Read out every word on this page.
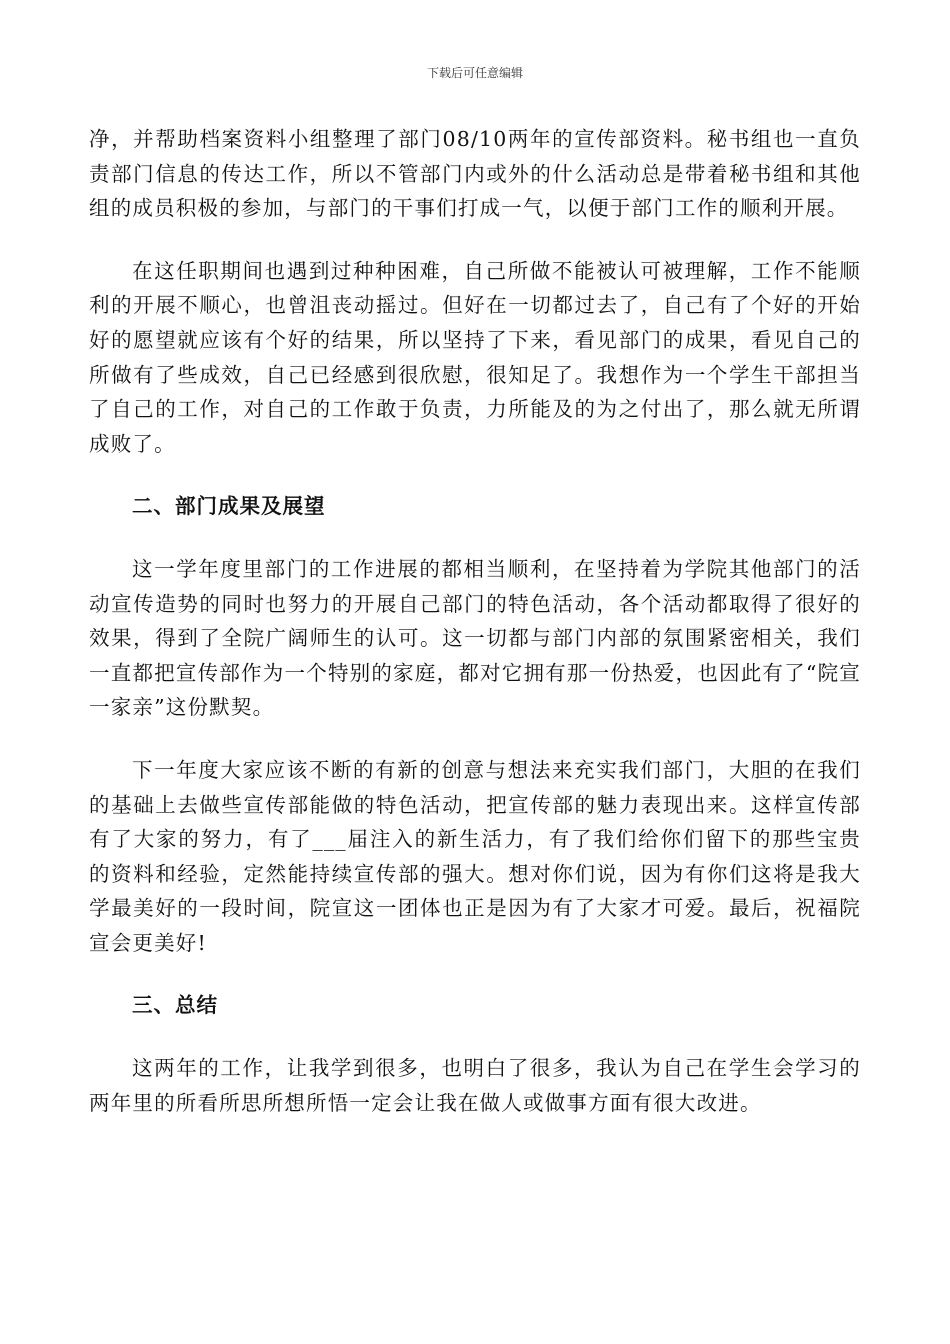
下载后可任意编辑

净，并帮助档案资料小组整理了部门08/10两年的宣传部资料。秘书组也一直负责部门信息的传达工作，所以不管部门内或外的什么活动总是带着秘书组和其他组的成员积极的参加，与部门的干事们打成一气，以便于部门工作的顺利开展。

在这任职期间也遇到过种种困难，自己所做不能被认可被理解，工作不能顺利的开展不顺心，也曾沮丧动摇过。但好在一切都过去了，自己有了个好的开始好的愿望就应该有个好的结果，所以坚持了下来，看见部门的成果，看见自己的所做有了些成效，自己已经感到很欣慰，很知足了。我想作为一个学生干部担当了自己的工作，对自己的工作敢于负责，力所能及的为之付出了，那么就无所谓成败了。

二、部门成果及展望

这一学年度里部门的工作进展的都相当顺利，在坚持着为学院其他部门的活动宣传造势的同时也努力的开展自己部门的特色活动，各个活动都取得了很好的效果，得到了全院广阔师生的认可。这一切都与部门内部的氛围紧密相关，我们一直都把宣传部作为一个特别的家庭，都对它拥有那一份热爱，也因此有了“院宣一家亲”这份默契。

下一年度大家应该不断的有新的创意与想法来充实我们部门，大胆的在我们的基础上去做些宣传部能做的特色活动，把宣传部的魅力表现出来。这样宣传部有了大家的努力，有了___届注入的新生活力，有了我们给你们留下的那些宝贵的资料和经验，定然能持续宣传部的强大。想对你们说，因为有你们这将是我大学最美好的一段时间，院宣这一团体也正是因为有了大家才可爱。最后，祝福院宣会更美好!

三、总结

这两年的工作，让我学到很多，也明白了很多，我认为自己在学生会学习的两年里的所看所思所想所悟一定会让我在做人或做事方面有很大改进。
